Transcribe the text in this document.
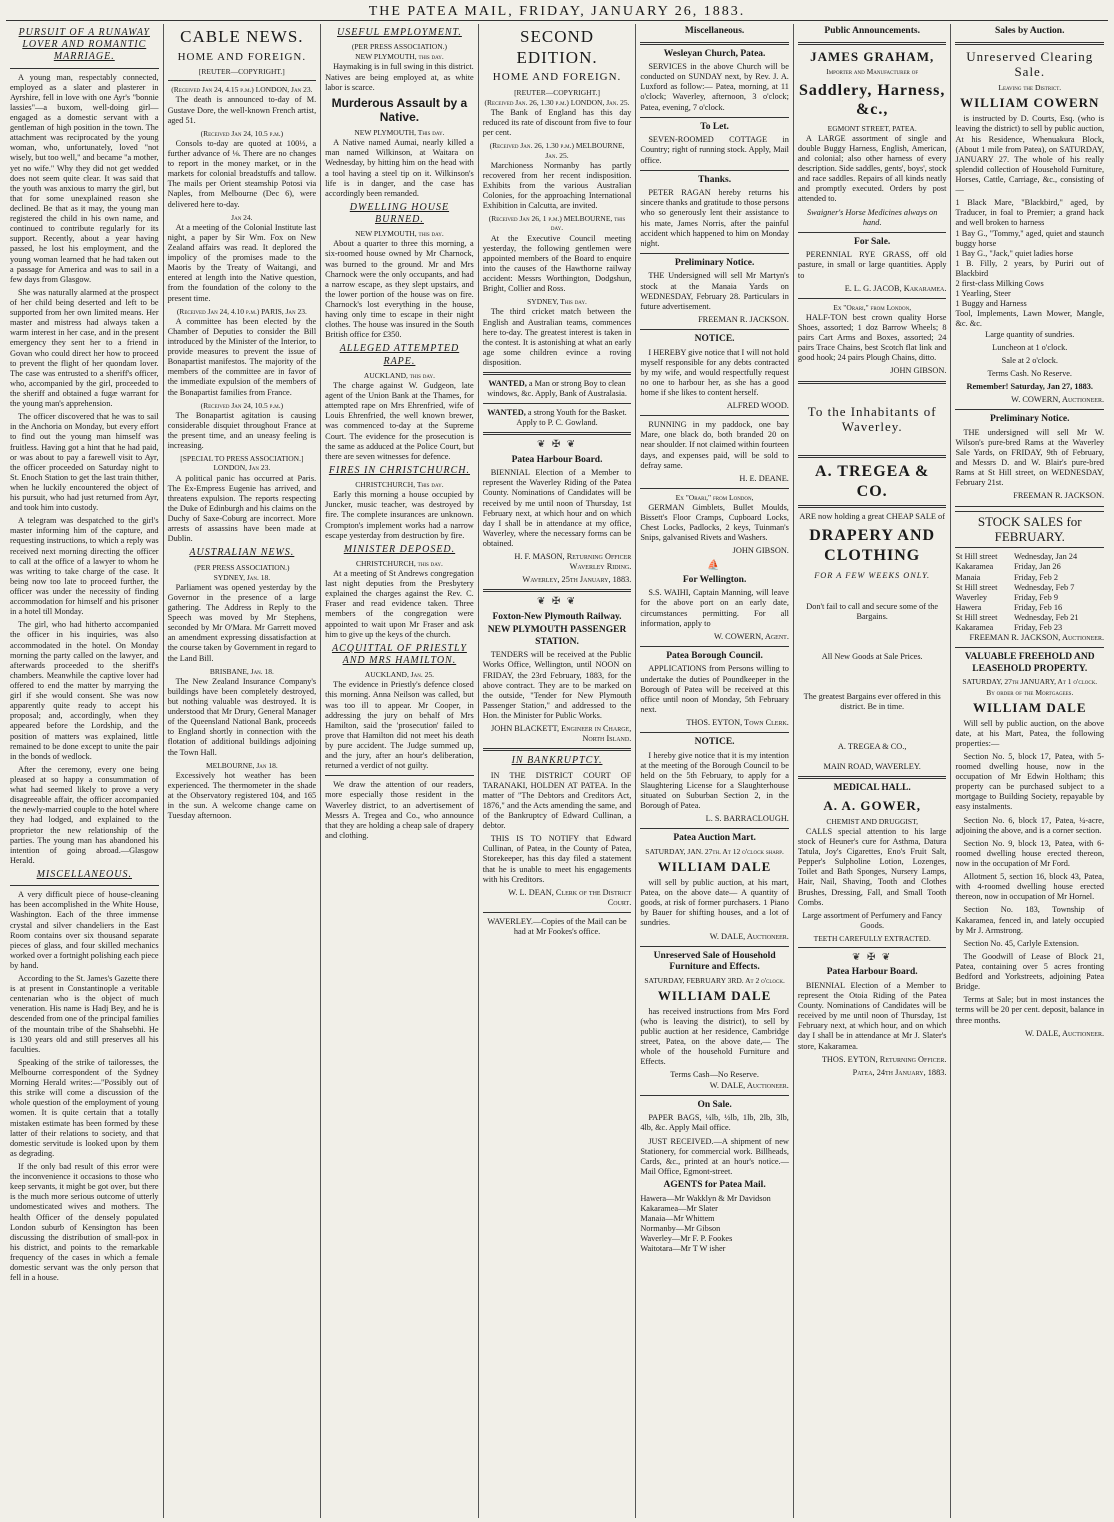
THE PATEA MAIL, FRIDAY, JANUARY 26, 1883.
PURSUIT OF A RUNAWAY LOVER AND ROMANTIC MARRIAGE.

A young man, respectably connected, employed as a slater and plasterer in Ayrshire, fell in love with one Ayr's "bonnie lassies"—a buxom, well-doing girl—engaged as a domestic servant with a gentleman of high position in the town. The attachment was reciprocated by the young woman, who, unfortunately, loved "not wisely, but too well," and became "a mother, yet no wife." Why they did not get wedded does not seem quite clear. It was said that the youth was anxious to marry the girl, but that for some unexplained reason she declined. Be that as it may, the young man registered the child in his own name, and continued to contribute regularly for its support. Recently, about a year having passed, he lost his employment, and the young woman learned that he had taken out a passage for America and was to sail in a few days from Glasgow.

She was naturally alarmed at the prospect of her child being deserted and left to be supported from her own limited means. Her master and mistress had always taken a warm interest in her case, and in the present emergency they sent her to a friend in Govan who could direct her how to proceed to prevent the flight of her quondam lover. The case was entrusted to a sheriff's officer, who, accompanied by the girl, proceeded to the sheriff and obtained a fugæ warrant for the young man's apprehension.

The officer discovered that he was to sail in the Anchoria on Monday, but every effort to find out the young man himself was fruitless. Having got a hint that he had paid, or was about to pay a farewell visit to Ayr, the officer proceeded on Saturday night to St. Enoch Station to get the last train thither, when he luckily encountered the object of his pursuit, who had just returned from Ayr, and took him into custody.

A telegram was despatched to the girl's master informing him of the capture, and requesting instructions, to which a reply was received next morning directing the officer to call at the office of a lawyer to whom he was writing to take charge of the case. It being now too late to proceed further, the officer was under the necessity of finding accommodation for himself and his prisoner in a hotel till Monday.

The girl, who had hitherto accompanied the officer in his inquiries, was also accommodated in the hotel. On Monday morning the party called on the lawyer, and afterwards proceeded to the sheriff's chambers. Meanwhile the captive lover had offered to end the matter by marrying the girl if she would consent. She was now apparently quite ready to accept his proposal; and, accordingly, when they appeared before the Lordship, and the position of matters was explained, little remained to be done except to unite the pair in the bonds of wedlock.

After the ceremony, every one being pleased at so happy a consummation of what had seemed likely to prove a very disagreeable affair, the officer accompanied the newly-married couple to the hotel where they had lodged, and explained to the proprietor the new relationship of the parties. The young man has abandoned his intention of going abroad.—Glasgow Herald.

MISCELLANEOUS.

A very difficult piece of house-cleaning has been accomplished in the White House, Washington. Each of the three immense crystal and silver chandeliers in the East Room contains over six thousand separate pieces of glass, and four skilled mechanics worked over a fortnight polishing each piece by hand.

According to the St. James's Gazette there is at present in Constantinople a veritable centenarian who is the object of much veneration. His name is Hadj Bey, and he is descended from one of the principal families of the mountain tribe of the Shahsebhi. He is 130 years old and still preserves all his faculties.

Speaking of the strike of tailoresses, the Melbourne correspondent of the Sydney Morning Herald writes:—"Possibly out of this strike will come a discussion of the whole question of the employment of young women. It is quite certain that a totally mistaken estimate has been formed by these latter of their relations to society, and that domestic servitude is looked upon by them as degrading.

If the only bad result of this error were the inconvenience it occasions to those who keep servants, it might be got over, but there is the much more serious outcome of utterly undomesticated wives and mothers. The health Officer of the densely populated London suburb of Kensington has been discussing the distribution of small-pox in his district, and points to the remarkable frequency of the cases in which a female domestic servant was the only person that fell in a house.

CABLE NEWS.
HOME AND FOREIGN.
[REUTER—COPYRIGHT.]
(Received Jan 24, 4.15 p.m.) LONDON, Jan 23.

The death is announced to-day of M. Gustave Dore, the well-known French artist, aged 51.

(Received Jan 24, 10.5 p.m.)

Consols to-day are quoted at 100½, a further advance of ⅛. There are no changes to report in the money market, or in the markets for colonial breadstuffs and tallow. The mails per Orient steamship Potosi via Naples, from Melbourne (Dec 6), were delivered here to-day.

Jan 24.

At a meeting of the Colonial Institute last night, a paper by Sir Wm. Fox on New Zealand affairs was read. It deplored the impolicy of the promises made to the Maoris by the Treaty of Waitangi, and entered at length into the Native question, from the foundation of the colony to the present time.

(Received Jan 24, 4.10 p.m.) PARIS, Jan 23.

A committee has been elected by the Chamber of Deputies to consider the Bill introduced by the Minister of the Interior, to provide measures to prevent the issue of Bonapartist manifestos. The majority of the members of the committee are in favor of the immediate expulsion of the members of the Bonapartist families from France.

(Received Jan 24, 10.5 p.m.)

The Bonapartist agitation is causing considerable disquiet throughout France at the present time, and an uneasy feeling is increasing.

[SPECIAL TO PRESS ASSOCIATION.] LONDON, Jan 23.

A political panic has occurred at Paris. The Ex-Empress Eugenie has arrived, and threatens expulsion. The reports respecting the Duke of Edinburgh and his claims on the Duchy of Saxe-Coburg are incorrect. More arrests of assassins have been made at Dublin.

AUSTRALIAN NEWS.
(PER PRESS ASSOCIATION.)
SYDNEY, Jan. 18.

Parliament was opened yesterday by the Governor in the presence of a large gathering. The Address in Reply to the Speech was moved by Mr Stephens, seconded by Mr O'Mara. Mr Garrett moved an amendment expressing dissatisfaction at the course taken by Government in regard to the Land Bill.

BRISBANE, Jan. 18.

The New Zealand Insurance Company's buildings have been completely destroyed, but nothing valuable was destroyed. It is understood that Mr Drury, General Manager of the Queensland National Bank, proceeds to England shortly in connection with the flotation of additional buildings adjoining the Town Hall.

MELBOURNE, Jan 18.

Excessively hot weather has been experienced. The thermometer in the shade at the Observatory registered 104, and 165 in the sun. A welcome change came on Tuesday afternoon.

USEFUL EMPLOYMENT.
(PER PRESS ASSOCIATION.)
NEW PLYMOUTH, this day.

Haymaking is in full swing in this district. Natives are being employed at, as white labor is scarce.

Murderous Assault by a Native.
NEW PLYMOUTH, This day.

A Native named Aumai, nearly killed a man named Wilkinson, at Waitara on Wednesday, by hitting him on the head with a tool having a steel tip on it. Wilkinson's life is in danger, and the case has accordingly been remanded.

DWELLING HOUSE BURNED.
NEW PLYMOUTH, this day.

About a quarter to three this morning, a six-roomed house owned by Mr Charnock, was burned to the ground. Mr and Mrs Charnock were the only occupants, and had a narrow escape, as they slept upstairs, and the lower portion of the house was on fire. Charnock's lost everything in the house, having only time to escape in their night clothes. The house was insured in the South British office for £350.

ALLEGED ATTEMPTED RAPE.
AUCKLAND, this day.

The charge against W. Gudgeon, late agent of the Union Bank at the Thames, for attempted rape on Mrs Ehrenfried, wife of Louis Ehrenfried, the well known brewer, was commenced to-day at the Supreme Court. The evidence for the prosecution is the same as adduced at the Police Court, but there are seven witnesses for defence.

FIRES IN CHRISTCHURCH.
CHRISTCHURCH, This day.

Early this morning a house occupied by Juncker, music teacher, was destroyed by fire. The complete insurances are unknown. Crompton's implement works had a narrow escape yesterday from destruction by fire.

MINISTER DEPOSED.
CHRISTCHURCH, this day.

At a meeting of St Andrews congregation last night deputies from the Presbytery explained the charges against the Rev. C. Fraser and read evidence taken. Three members of the congregation were appointed to wait upon Mr Fraser and ask him to give up the keys of the church.

ACQUITTAL OF PRIESTLY AND MRS HAMILTON.
AUCKLAND, Jan. 25.

The evidence in Priestly's defence closed this morning. Anna Neilson was called, but was too ill to appear. Mr Cooper, in addressing the jury on behalf of Mrs Hamilton, said the 'prosecution' failed to prove that Hamilton did not meet his death by pure accident. The Judge summed up, and the jury, after an hour's deliberation, returned a verdict of not guilty.

We draw the attention of our readers, more especially those resident in the Waverley district, to an advertisement of Messrs A. Tregea and Co., who announce that they are holding a cheap sale of drapery and clothing.

SECOND EDITION.
HOME AND FOREIGN.
[REUTER—COPYRIGHT.]
(Received Jan. 26, 1.30 p.m.) LONDON, Jan. 25.

The Bank of England has this day reduced its rate of discount from five to four per cent.

(Received Jan. 26, 1.30 p.m.) MELBOURNE, Jan. 25.

Marchioness Normanby has partly recovered from her recent indisposition. Exhibits from the various Australian Colonies, for the approaching International Exhibition in Calcutta, are invited.

(Received Jan 26, 1 p.m.) MELBOURNE, this day.

At the Executive Council meeting yesterday, the following gentlemen were appointed members of the Board to enquire into the causes of the Hawthorne railway accident: Messrs Worthington, Dodgshun, Bright, Collier and Ross.

SYDNEY, This day.

The third cricket match between the English and Australian teams, commences here to-day. The greatest interest is taken in the contest. It is astonishing at what an early age some children evince a roving disposition.

WANTED, a Man or strong Boy to clean windows, &c. Apply, Bank of Australasia.

WANTED, a strong Youth for the Basket. Apply to P. C. Gowland.

❦ ✠ ❦
Patea Harbour Board.

BIENNIAL Election of a Member to represent the Waverley Riding of the Patea County. Nominations of Candidates will be received by me until noon of Thursday, 1st February next, at which hour and on which day I shall be in attendance at my office, Waverley, where the necessary forms can be obtained.

H. F. MASON, Returning Officer Waverley Riding.
Waverley, 25th January, 1883.
❦ ✠ ❦
Foxton-New Plymouth Railway.
NEW PLYMOUTH PASSENGER STATION.

TENDERS will be received at the Public Works Office, Wellington, until NOON on FRIDAY, the 23rd February, 1883, for the above contract. They are to be marked on the outside, "Tender for New Plymouth Passenger Station," and addressed to the Hon. the Minister for Public Works.

JOHN BLACKETT, Engineer in Charge, North Island.
IN BANKRUPTCY.

IN THE DISTRICT COURT OF TARANAKI, HOLDEN AT PATEA. In the matter of "The Debtors and Creditors Act, 1876," and the Acts amending the same, and of the Bankruptcy of Edward Cullinan, a debtor.

THIS IS TO NOTIFY that Edward Cullinan, of Patea, in the County of Patea, Storekeeper, has this day filed a statement that he is unable to meet his engagements with his Creditors.

W. L. DEAN, Clerk of the District Court.

WAVERLEY.—Copies of the Mail can be had at Mr Fookes's office.

Miscellaneous.
Wesleyan Church, Patea.

SERVICES in the above Church will be conducted on SUNDAY next, by Rev. J. A. Luxford as follow:— Patea, morning, at 11 o'clock; Waverley, afternoon, 3 o'clock; Patea, evening, 7 o'clock.

To Let.

SEVEN-ROOMED COTTAGE in Country; right of running stock. Apply, Mail office.

Thanks.

PETER RAGAN hereby returns his sincere thanks and gratitude to those persons who so generously lent their assistance to his mate, James Norris, after the painful accident which happened to him on Monday night.

Preliminary Notice.

THE Undersigned will sell Mr Martyn's stock at the Manaia Yards on WEDNESDAY, February 28. Particulars in future advertisement.

FREEMAN R. JACKSON.
NOTICE.

I HEREBY give notice that I will not hold myself responsible for any debts contracted by my wife, and would respectfully request no one to harbour her, as she has a good home if she likes to content herself.

ALFRED WOOD.

RUNNING in my paddock, one bay Mare, one black do, both branded 20 on near shoulder. If not claimed within fourteen days, and expenses paid, will be sold to defray same.

H. E. DEANE.
Ex "Orari," from London,

GERMAN Gimblets, Bullet Moulds, Bissett's Floor Cramps, Cupboard Locks, Chest Locks, Padlocks, 2 keys, Tuinman's Snips, galvanised Rivets and Washers.

JOHN GIBSON.
⛵
For Wellington.

S.S. WAIHI, Captain Manning, will leave for the above port on an early date, circumstances permitting. For all information, apply to

W. COWERN, Agent.
Patea Borough Council.

APPLICATIONS from Persons willing to undertake the duties of Poundkeeper in the Borough of Patea will be received at this office until noon of Monday, 5th February next.

THOS. EYTON, Town Clerk.
NOTICE.

I hereby give notice that it is my intention at the meeting of the Borough Council to be held on the 5th February, to apply for a Slaughtering License for a Slaughterhouse situated on Suburban Section 2, in the Borough of Patea.

L. S. BARRACLOUGH.
Patea Auction Mart.
SATURDAY, JAN. 27th. At 12 o'clock sharp.
WILLIAM DALE

will sell by public auction, at his mart, Patea, on the above date— A quantity of goods, at risk of former purchasers. 1 Piano by Bauer for shifting houses, and a lot of sundries.

W. DALE, Auctioneer.
Unreserved Sale of Household Furniture and Effects.
SATURDAY, FEBRUARY 3RD. At 2 o'clock.
WILLIAM DALE

has received instructions from Mrs Ford (who is leaving the district), to sell by public auction at her residence, Cambridge street, Patea, on the above date,— The whole of the household Furniture and Effects.

Terms Cash—No Reserve.
W. DALE, Auctioneer.
On Sale.

PAPER BAGS, ¼lb, ½lb, 1lb, 2lb, 3lb, 4lb, &c. Apply Mail office.

JUST RECEIVED.—A shipment of new Stationery, for commercial work. Billheads, Cards, &c., printed at an hour's notice.—Mail Office, Egmont-street.

AGENTS for Patea Mail.
Hawera—Mr Wakklyn & Mr Davidson
Kakaramea—Mr Slater
Manaia—Mr Whittem
Normanby—Mr Gibson
Waverley—Mr F. P. Fookes
Waitotara—Mr T W isher
Public Announcements.
JAMES GRAHAM,
Importer and Manufacturer of
Saddlery, Harness, &c.,
EGMONT STREET, PATEA.

A LARGE assortment of single and double Buggy Harness, English, American, and colonial; also other harness of every description. Side saddles, gents', boys', stock and race saddles. Repairs of all kinds neatly and promptly executed. Orders by post attended to.

Swaigner's Horse Medicines always on hand.

For Sale.

PERENNIAL RYE GRASS, off old pasture, in small or large quantities. Apply to

E. L. G. JACOB, Kakaramea.
Ex "Orari," from London,

HALF-TON best crown quality Horse Shoes, assorted; 1 doz Barrow Wheels; 8 pairs Cart Arms and Boxes, assorted; 24 pairs Trace Chains, best Scotch flat link and good hook; 24 pairs Plough Chains, ditto.

JOHN GIBSON.
To the Inhabitants of Waverley.
A. TREGEA & CO.

ARE now holding a great CHEAP SALE of

DRAPERY AND CLOTHING
FOR A FEW WEEKS ONLY.

Don't fail to call and secure some of the Bargains.

All New Goods at Sale Prices.

The greatest Bargains ever offered in this district. Be in time.

A. TREGEA & CO.,
MAIN ROAD, WAVERLEY.
MEDICAL HALL.
A. A. GOWER,
CHEMIST AND DRUGGIST,

CALLS special attention to his large stock of Heuner's cure for Asthma, Datura Tatula, Joy's Cigarettes, Eno's Fruit Salt, Pepper's Sulpholine Lotion, Lozenges, Toilet and Bath Sponges, Nursery Lamps, Hair, Nail, Shaving, Tooth and Clothes Brushes, Dressing, Fall, and Small Tooth Combs.

Large assortment of Perfumery and Fancy Goods.

TEETH CAREFULLY EXTRACTED.
❦ ✠ ❦
Patea Harbour Board.

BIENNIAL Election of a Member to represent the Otoia Riding of the Patea County. Nominations of Candidates will be received by me until noon of Thursday, 1st February next, at which hour, and on which day I shall be in attendance at Mr J. Slater's store, Kakaramea.

THOS. EYTON, Returning Officer.
Patea, 24th January, 1883.
Sales by Auction.
Unreserved Clearing Sale.
Leaving the District.
WILLIAM COWERN

is instructed by D. Courts, Esq. (who is leaving the district) to sell by public auction, At his Residence, Whenuakura Block, (About 1 mile from Patea), on SATURDAY, JANUARY 27. The whole of his really splendid collection of Household Furniture, Horses, Cattle, Carriage, &c., consisting of—

1 Black Mare, "Blackbird," aged, by Traducer, in foal to Premier; a grand hack and well broken to harness
1 Bay G., "Tommy," aged, quiet and staunch buggy horse
1 Bay G., "Jack," quiet ladies horse
1 B. Filly, 2 years, by Puriri out of Blackbird
2 first-class Milking Cows
1 Yearling, Steer
1 Buggy and Harness
Tool, Implements, Lawn Mower, Mangle, &c. &c.

Large quantity of sundries.

Luncheon at 1 o'clock.

Sale at 2 o'clock.

Terms Cash. No Reserve.

Remember! Saturday, Jan 27, 1883.

W. COWERN, Auctioneer.
Preliminary Notice.

THE undersigned will sell Mr W. Wilson's pure-bred Rams at the Waverley Sale Yards, on FRIDAY, 9th of February, and Messrs D. and W. Blair's pure-bred Rams at St Hill street, on WEDNESDAY, February 21st.

FREEMAN R. JACKSON.
STOCK SALES for FEBRUARY.
St Hill street	Wednesday, Jan 24
Kakaramea	Friday, Jan 26
Manaia	Friday, Feb 2
St Hill street	Wednesday, Feb 7
Waverley	Friday, Feb 9
Hawera	Friday, Feb 16
St Hill street	Wednesday, Feb 21
Kakaramea	Friday, Feb 23
FREEMAN R. JACKSON, Auctioneer.
VALUABLE FREEHOLD AND LEASEHOLD PROPERTY.
SATURDAY, 27th JANUARY, At 1 o'clock.
By order of the Mortgagees.
WILLIAM DALE

Will sell by public auction, on the above date, at his Mart, Patea, the following properties:—

Section No. 5, block 17, Patea, with 5-roomed dwelling house, now in the occupation of Mr Edwin Holtham; this property can be purchased subject to a mortgage to Building Society, repayable by easy instalments.

Section No. 6, block 17, Patea, ¼-acre, adjoining the above, and is a corner section.

Section No. 9, block 13, Patea, with 6-roomed dwelling house erected thereon, now in the occupation of Mr Ford.

Allotment 5, section 16, block 43, Patea, with 4-roomed dwelling house erected thereon, now in occupation of Mr Hornel.

Section No. 183, Township of Kakaramea, fenced in, and lately occupied by Mr J. Armstrong.

Section No. 45, Carlyle Extension.

The Goodwill of Lease of Block 21, Patea, containing over 5 acres fronting Bedford and Yorkstreets, adjoining Patea Bridge.

Terms at Sale; but in most instances the terms will be 20 per cent. deposit, balance in three months.

W. DALE, Auctioneer.
